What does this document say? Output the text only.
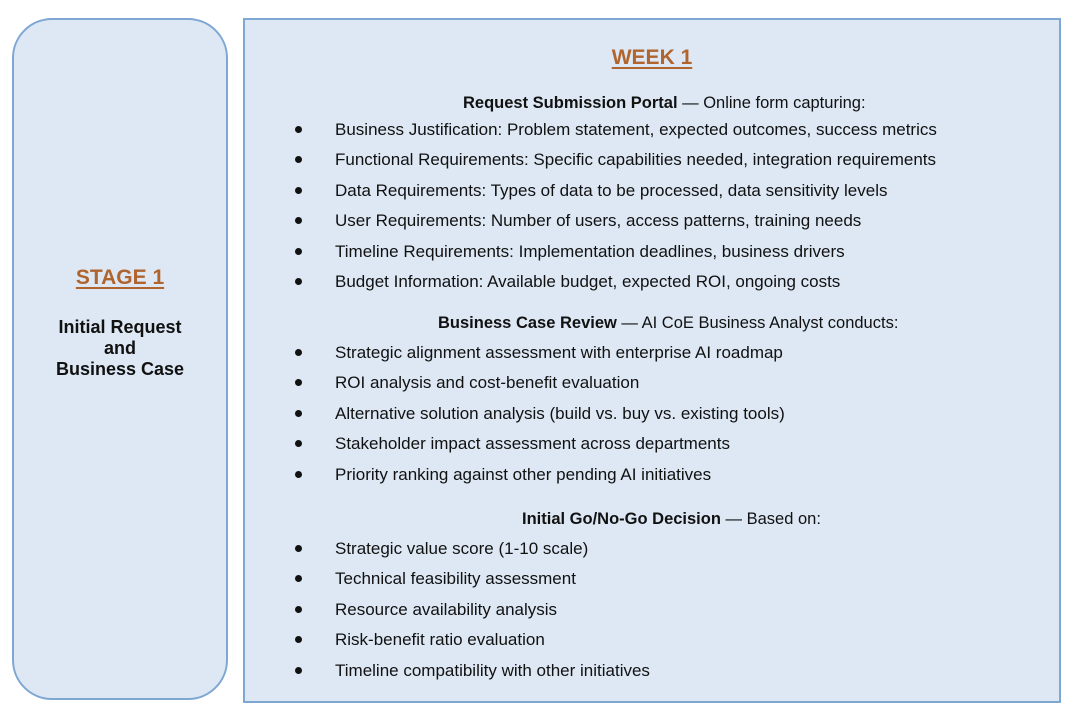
STAGE 1
Initial Request
and
Business Case
WEEK 1
Request Submission Portal — Online form capturing:
Business Justification: Problem statement, expected outcomes, success metrics
Functional Requirements: Specific capabilities needed, integration requirements
Data Requirements: Types of data to be processed, data sensitivity levels
User Requirements: Number of users, access patterns, training needs
Timeline Requirements: Implementation deadlines, business drivers
Budget Information: Available budget, expected ROI, ongoing costs
Business Case Review — AI CoE Business Analyst conducts:
Strategic alignment assessment with enterprise AI roadmap
ROI analysis and cost-benefit evaluation
Alternative solution analysis (build vs. buy vs. existing tools)
Stakeholder impact assessment across departments
Priority ranking against other pending AI initiatives
Initial Go/No-Go Decision — Based on:
Strategic value score (1-10 scale)
Technical feasibility assessment
Resource availability analysis
Risk-benefit ratio evaluation
Timeline compatibility with other initiatives
